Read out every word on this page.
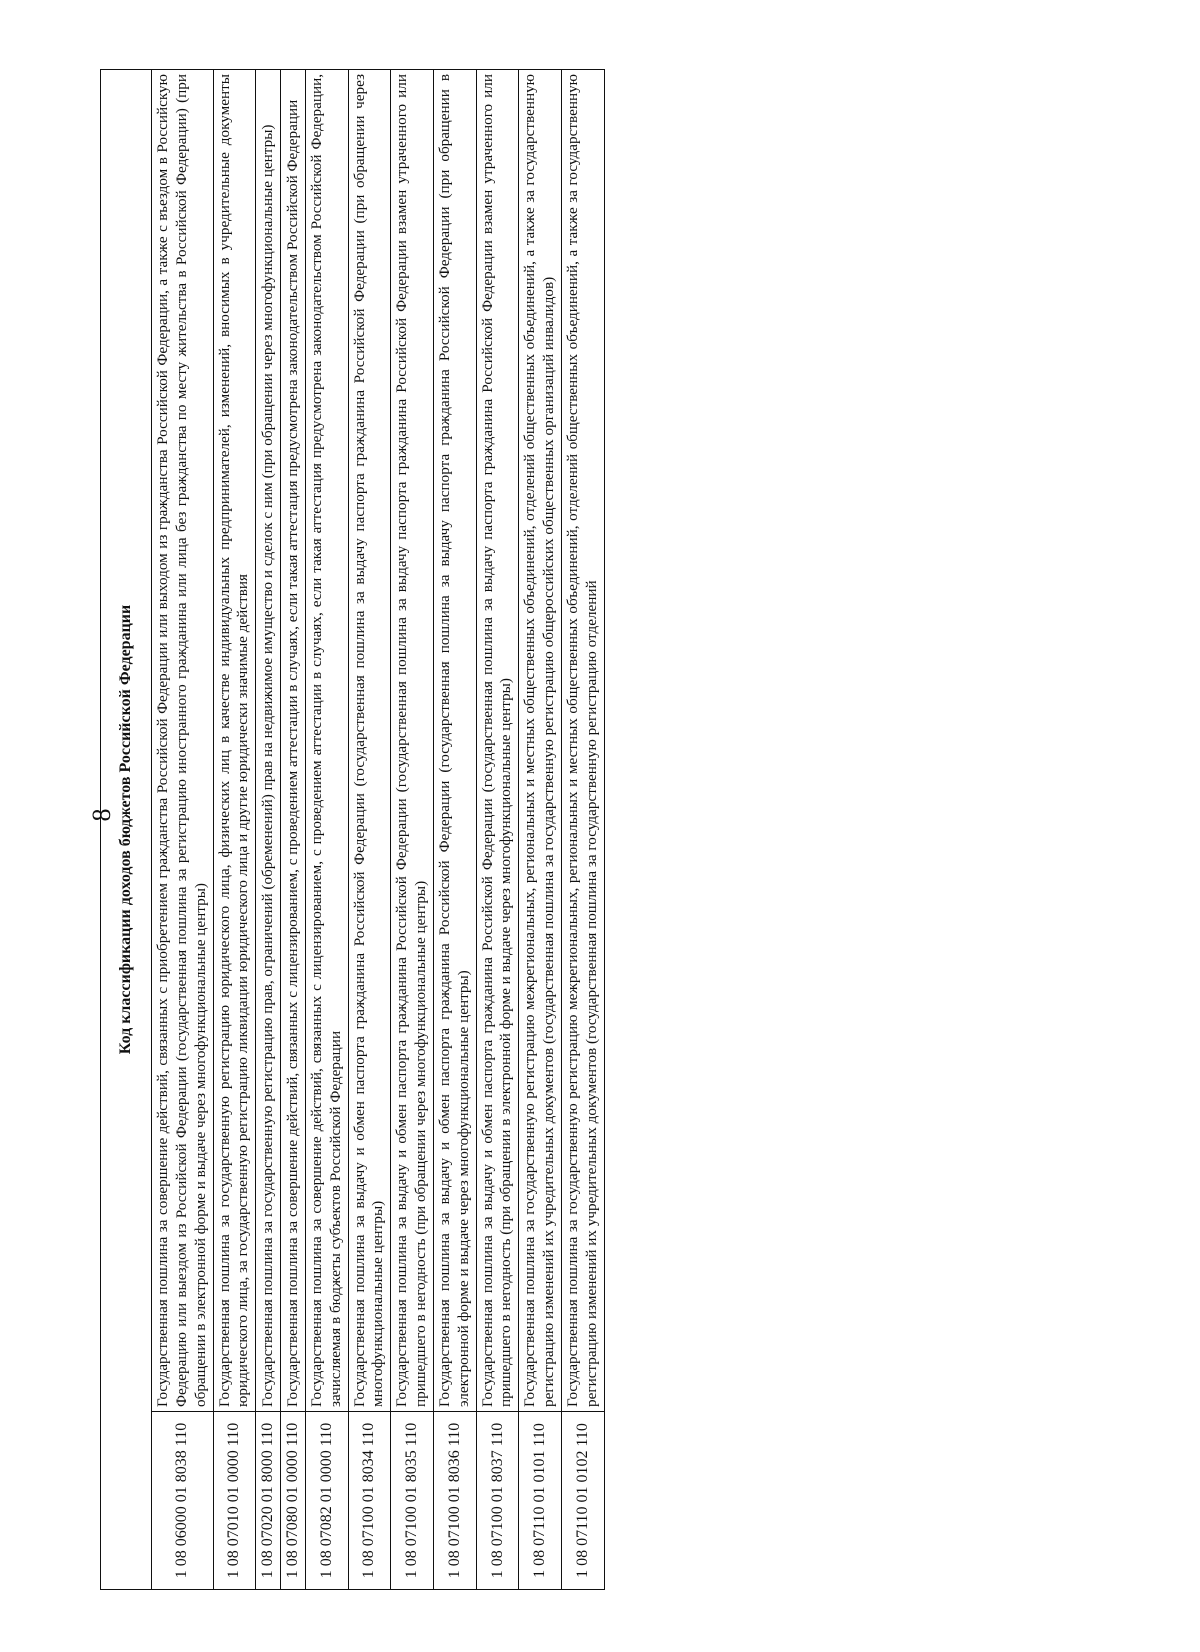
8 Код классификации доходов бюджетов Российской Федерации	
1 08 06000 01 8038 110	Государственная пошлина за совершение действий, связанных с приобретением гражданства Российской Федерации или выходом из гражданства Российской Федерации, а также с въездом в Российскую Федерацию или выездом из Российской Федерации (государственная пошлина за регистрацию иностранного гражданина или лица без гражданства по месту жительства в Российской Федерации) (при обращении в электронной форме и выдаче через многофункциональные центры)
1 08 07010 01 0000 110	Государственная пошлина за государственную регистрацию юридического лица, физических лиц в качестве индивидуальных предпринимателей, изменений, вносимых в учредительные документы юридического лица, за государственную регистрацию ликвидации юридического лица и другие юридически значимые действия
1 08 07020 01 8000 110	Государственная пошлина за государственную регистрацию прав, ограничений (обременений) прав на недвижимое имущество и сделок с ним (при обращении через многофункциональные центры)
1 08 07080 01 0000 110	Государственная пошлина за совершение действий, связанных с лицензированием, с проведением аттестации в случаях, если такая аттестация предусмотрена законодательством Российской Федерации
1 08 07082 01 0000 110	Государственная пошлина за совершение действий, связанных с лицензированием, с проведением аттестации в случаях, если такая аттестация предусмотрена законодательством Российской Федерации, зачисляемая в бюджеты субъектов Российской Федерации
1 08 07100 01 8034 110	Государственная пошлина за выдачу и обмен паспорта гражданина Российской Федерации (государственная пошлина за выдачу паспорта гражданина Российской Федерации (при обращении через многофункциональные центры)
1 08 07100 01 8035 110	Государственная пошлина за выдачу и обмен паспорта гражданина Российской Федерации (государственная пошлина за выдачу паспорта гражданина Российской Федерации взамен утраченного или пришедшего в негодность (при обращении через многофункциональные центры)
1 08 07100 01 8036 110	Государственная пошлина за выдачу и обмен паспорта гражданина Российской Федерации (государственная пошлина за выдачу паспорта гражданина Российской Федерации (при обращении в электронной форме и выдаче через многофункциональные центры)
1 08 07100 01 8037 110	Государственная пошлина за выдачу и обмен паспорта гражданина Российской Федерации (государственная пошлина за выдачу паспорта гражданина Российской Федерации взамен утраченного или пришедшего в негодность (при обращении в электронной форме и выдаче через многофункциональные центры)
1 08 07110 01 0101 110	Государственная пошлина за государственную регистрацию межрегиональных, региональных и местных общественных объединений, отделений общественных объединений, а также за государственную регистрацию изменений их учредительных документов (государственная пошлина за государственную регистрацию общероссийских общественных организаций инвалидов)
1 08 07110 01 0102 110	Государственная пошлина за государственную регистрацию межрегиональных, региональных и местных общественных объединений, отделений общественных объединений, а также за государственную регистрацию изменений их учредительных документов (государственная пошлина за государственную регистрацию отделений
